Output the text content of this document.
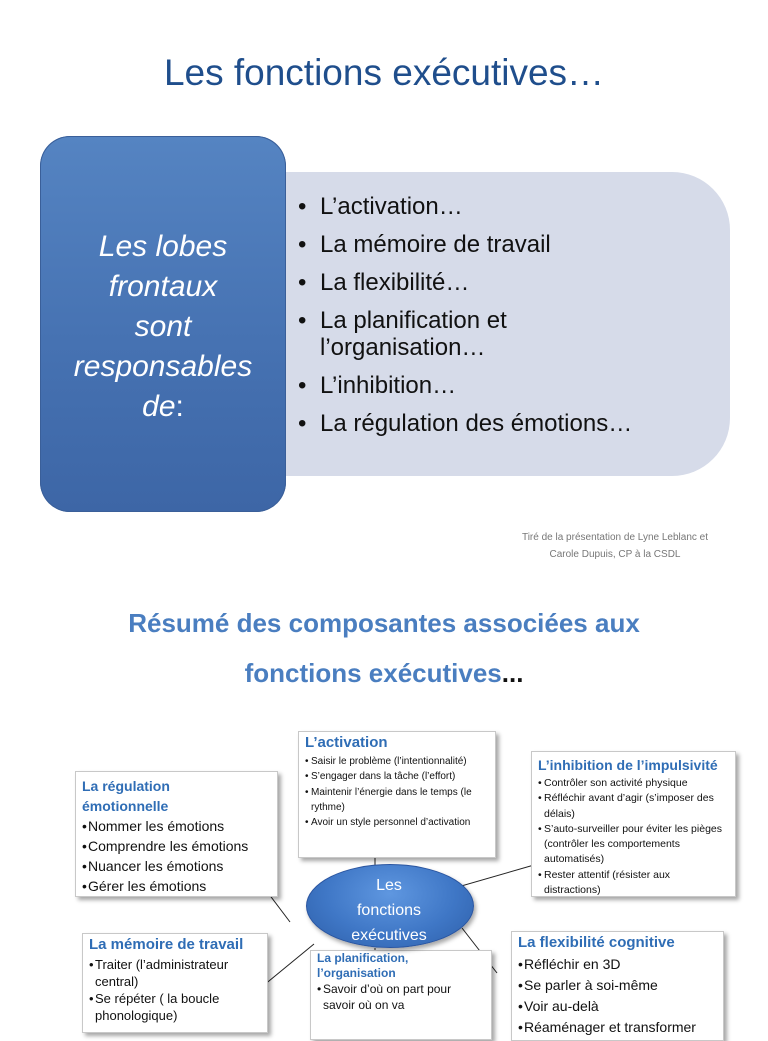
Les fonctions exécutives…
Les lobes
frontaux
sont
responsables
de:
• L’activation…
• La mémoire de travail
• La flexibilité…
• La planification et l’organisation…
• L’inhibition…
• La régulation des émotions…
Tiré de la présentation de Lyne Leblanc et
Carole Dupuis, CP à la CSDL
Résumé des composantes associées aux
fonctions exécutives...
L’activation
• Saisir le problème (l’intentionnalité)
• S’engager dans la tâche (l’effort)
• Maintenir l’énergie dans le temps (le rythme)
• Avoir un style personnel d’activation
La régulation
émotionnelle
• Nommer les émotions
• Comprendre les émotions
• Nuancer les émotions
• Gérer les émotions
L’inhibition de l’impulsivité
• Contrôler son activité physique
• Réfléchir avant d’agir (s’imposer des délais)
• S’auto-surveiller pour éviter les pièges (contrôler les comportements automatisés)
• Rester attentif (résister aux distractions)
La mémoire de travail
• Traiter (l’administrateur central)
• Se répéter ( la boucle phonologique)
La planification,
l’organisation
• Savoir d’où on part pour savoir où on va
La flexibilité cognitive
• Réfléchir en 3D
• Se parler à soi-même
• Voir au-delà
• Réaménager et transformer
Les
fonctions
exécutives
